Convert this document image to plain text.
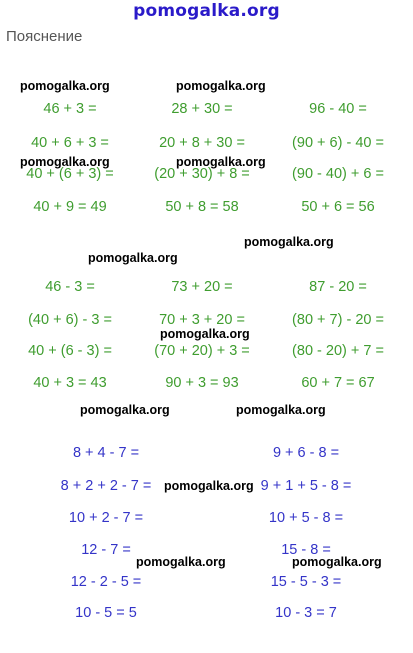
pomogalka.org
Пояснение
46 + 3 =
40 + 6 + 3 =
40 + (6 + 3) =
40 + 9 = 49
28 + 30 =
20 + 8 + 30 =
(20 + 30) + 8 =
50 + 8 = 58
96 - 40 =
(90 + 6) - 40 =
(90 - 40) + 6 =
50 + 6 = 56
46 - 3 =
(40 + 6) - 3 =
40 + (6 - 3) =
40 + 3 = 43
73 + 20 =
70 + 3 + 20 =
(70 + 20) + 3 =
90 + 3 = 93
87 - 20 =
(80 + 7) - 20 =
(80 - 20) + 7 =
60 + 7 = 67
8 + 4 - 7 =
8 + 2 + 2 - 7 =
10 + 2 - 7 =
12 - 7 =
12 - 2 - 5 =
10 - 5 = 5
9 + 6 - 8 =
9 + 1 + 5 - 8 =
10 + 5 - 8 =
15 - 8 =
15 - 5 - 3 =
10 - 3 = 7
pomogalka.org	pomogalka.org
pomogalka.org	pomogalka.org
pomogalka.org
pomogalka.org
pomogalka.org
pomogalka.org	pomogalka.org
pomogalka.org
pomogalka.org	pomogalka.org
